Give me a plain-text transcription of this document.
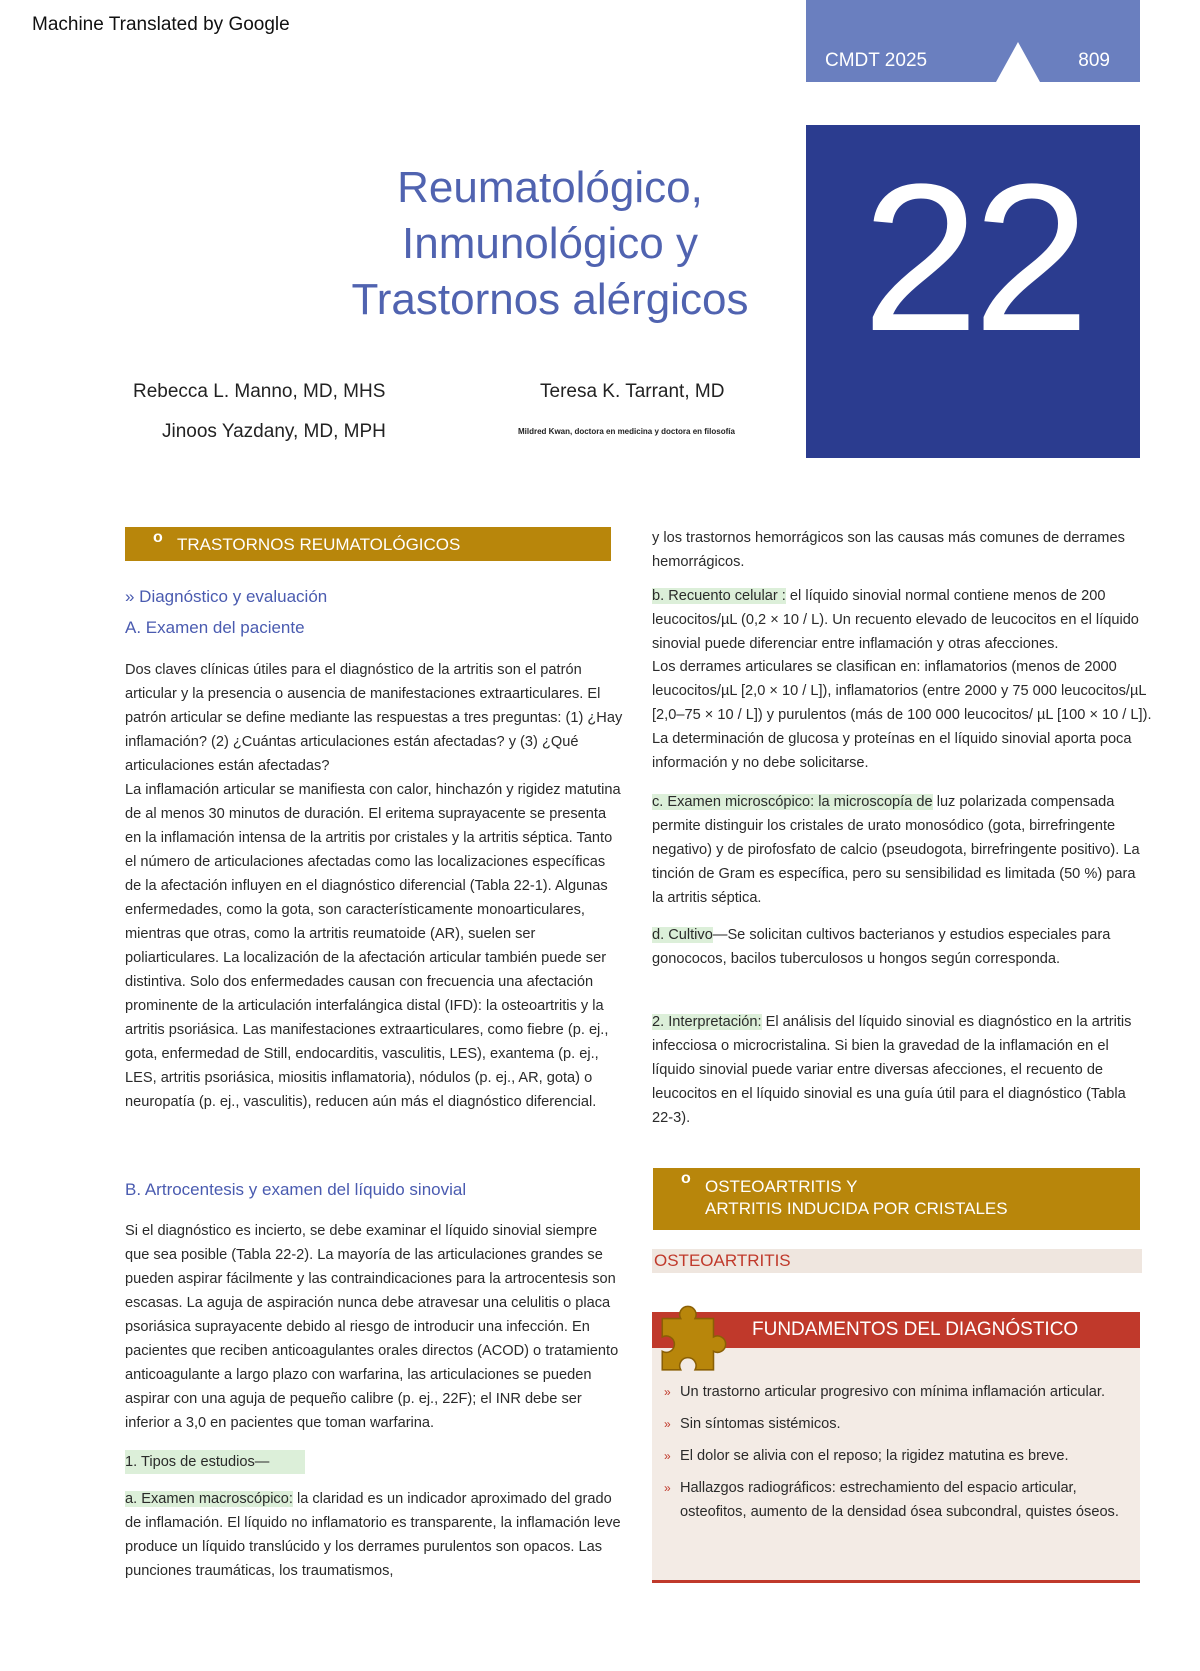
Machine Translated by Google
CMDT 2025	809
22
Reumatológico,
Inmunológico y
Trastornos alérgicos
Rebecca L. Manno, MD, MHS
Jinoos Yazdany, MD, MPH
Teresa K. Tarrant, MD
Mildred Kwan, doctora en medicina y doctora en filosofía
o TRASTORNOS REUMATOLÓGICOS
» Diagnóstico y evaluación
A. Examen del paciente

Dos claves clínicas útiles para el diagnóstico de la artritis son el patrón articular y la presencia o ausencia de manifestaciones extraarticulares. El patrón articular se define mediante las respuestas a tres preguntas: (1) ¿Hay inflamación? (2) ¿Cuántas articulaciones están afectadas? y (3) ¿Qué articulaciones están afectadas?

La inflamación articular se manifiesta con calor, hinchazón y rigidez matutina de al menos 30 minutos de duración. El eritema suprayacente se presenta en la inflamación intensa de la artritis por cristales y la artritis séptica. Tanto el número de articulaciones afectadas como las localizaciones específicas de la afectación influyen en el diagnóstico diferencial (Tabla 22-1). Algunas enfermedades, como la gota, son característicamente monoarticulares, mientras que otras, como la artritis reumatoide (AR), suelen ser poliarticulares. La localización de la afectación articular también puede ser distintiva. Solo dos enfermedades causan con frecuencia una afectación prominente de la articulación interfalángica distal (IFD): la osteoartritis y la artritis psoriásica. Las manifestaciones extraarticulares, como fiebre (p. ej., gota, enfermedad de Still, endocarditis, vasculitis, LES), exantema (p. ej., LES, artritis psoriásica, miositis inflamatoria), nódulos (p. ej., AR, gota) o neuropatía (p. ej., vasculitis), reducen aún más el diagnóstico diferencial.

B. Artrocentesis y examen del líquido sinovial

Si el diagnóstico es incierto, se debe examinar el líquido sinovial siempre que sea posible (Tabla 22-2). La mayoría de las articulaciones grandes se pueden aspirar fácilmente y las contraindicaciones para la artrocentesis son escasas. La aguja de aspiración nunca debe atravesar una celulitis o placa psoriásica suprayacente debido al riesgo de introducir una infección. En pacientes que reciben anticoagulantes orales directos (ACOD) o tratamiento anticoagulante a largo plazo con warfarina, las articulaciones se pueden aspirar con una aguja de pequeño calibre (p. ej., 22F); el INR debe ser inferior a 3,0 en pacientes que toman warfarina.

1. Tipos de estudios—

a. Examen macroscópico: la claridad es un indicador aproximado del grado de inflamación. El líquido no inflamatorio es transparente, la inflamación leve produce un líquido translúcido y los derrames purulentos son opacos. Las punciones traumáticas, los traumatismos,

y los trastornos hemorrágicos son las causas más comunes de derrames hemorrágicos.

b. Recuento celular : el líquido sinovial normal contiene menos de 200 leucocitos/µL (0,2 × 10 / L). Un recuento elevado de leucocitos en el líquido sinovial puede diferenciar entre inflamación y otras afecciones.

Los derrames articulares se clasifican en: inflamatorios (menos de 2000 leucocitos/µL [2,0 × 10 / L]), inflamatorios (entre 2000 y 75 000 leucocitos/µL [2,0–75 × 10 / L]) y purulentos (más de 100 000 leucocitos/ µL [100 × 10 / L]). La determinación de glucosa y proteínas en el líquido sinovial aporta poca información y no debe solicitarse.

c. Examen microscópico: la microscopía de luz polarizada compensada permite distinguir los cristales de urato monosódico (gota, birrefringente negativo) y de pirofosfato de calcio (pseudogota, birrefringente positivo). La tinción de Gram es específica, pero su sensibilidad es limitada (50 %) para la artritis séptica.

d. Cultivo—Se solicitan cultivos bacterianos y estudios especiales para gonococos, bacilos tuberculosos u hongos según corresponda.

2. Interpretación: El análisis del líquido sinovial es diagnóstico en la artritis infecciosa o microcristalina. Si bien la gravedad de la inflamación en el líquido sinovial puede variar entre diversas afecciones, el recuento de leucocitos en el líquido sinovial es una guía útil para el diagnóstico (Tabla 22-3).

o OSTEOARTRITIS Y
ARTRITIS INDUCIDA POR CRISTALES
OSTEOARTRITIS
FUNDAMENTOS DEL DIAGNÓSTICO
» Un trastorno articular progresivo con mínima inflamación articular.
» Sin síntomas sistémicos.
» El dolor se alivia con el reposo; la rigidez matutina es breve.
» Hallazgos radiográficos: estrechamiento del espacio articular, osteofitos, aumento de la densidad ósea subcondral, quistes óseos.
